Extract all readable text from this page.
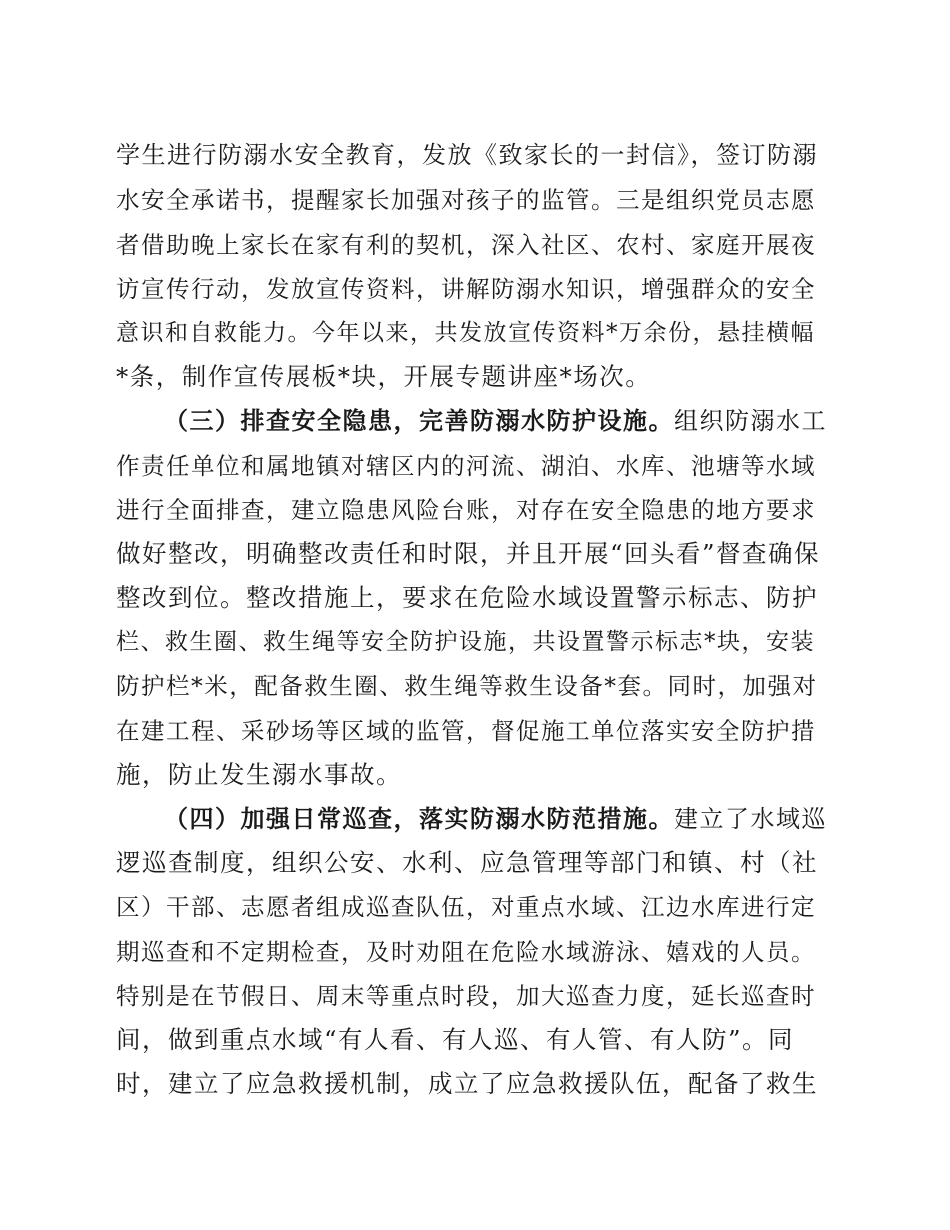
学生进行防溺水安全教育，发放《致家长的一封信》，签订防溺
水安全承诺书，提醒家长加强对孩子的监管。三是组织党员志愿
者借助晚上家长在家有利的契机，深入社区、农村、家庭开展夜
访宣传行动，发放宣传资料，讲解防溺水知识，增强群众的安全
意识和自救能力。今年以来，共发放宣传资料*万余份，悬挂横幅
*条，制作宣传展板*块，开展专题讲座*场次。
（三）排查安全隐患，完善防溺水防护设施。组织防溺水工
作责任单位和属地镇对辖区内的河流、湖泊、水库、池塘等水域
进行全面排查，建立隐患风险台账，对存在安全隐患的地方要求
做好整改，明确整改责任和时限，并且开展“回头看”督查确保
整改到位。整改措施上，要求在危险水域设置警示标志、防护
栏、救生圈、救生绳等安全防护设施，共设置警示标志*块，安装
防护栏*米，配备救生圈、救生绳等救生设备*套。同时，加强对
在建工程、采砂场等区域的监管，督促施工单位落实安全防护措
施，防止发生溺水事故。
（四）加强日常巡查，落实防溺水防范措施。建立了水域巡
逻巡查制度，组织公安、水利、应急管理等部门和镇、村（社
区）干部、志愿者组成巡查队伍，对重点水域、江边水库进行定
期巡查和不定期检查，及时劝阻在危险水域游泳、嬉戏的人员。
特别是在节假日、周末等重点时段，加大巡查力度，延长巡查时
间，做到重点水域“有人看、有人巡、有人管、有人防”。同
时，建立了应急救援机制，成立了应急救援队伍，配备了救生
